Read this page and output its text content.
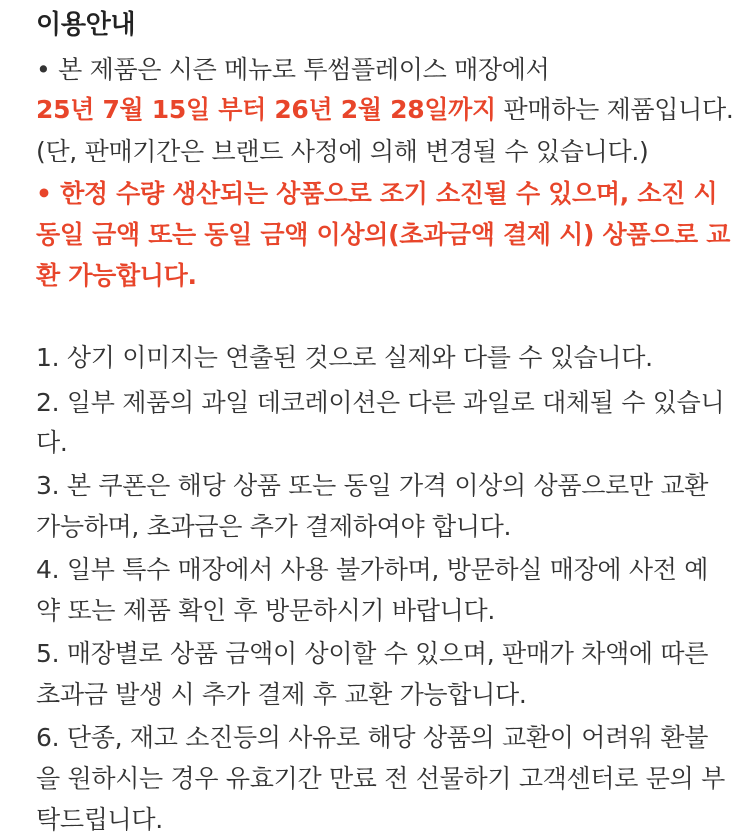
이용안내
• 본 제품은 시즌 메뉴로 투썸플레이스 매장에서
25년 7월 15일 부터 26년 2월 28일까지 판매하는 제품입니다.
(단, 판매기간은 브랜드 사정에 의해 변경될 수 있습니다.)
• 한정 수량 생산되는 상품으로 조기 소진될 수 있으며, 소진 시
동일 금액 또는 동일 금액 이상의(초과금액 결제 시) 상품으로 교
환 가능합니다.
1. 상기 이미지는 연출된 것으로 실제와 다를 수 있습니다.
2. 일부 제품의 과일 데코레이션은 다른 과일로 대체될 수 있습니
다.
3. 본 쿠폰은 해당 상품 또는 동일 가격 이상의 상품으로만 교환
가능하며, 초과금은 추가 결제하여야 합니다.
4. 일부 특수 매장에서 사용 불가하며, 방문하실 매장에 사전 예
약 또는 제품 확인 후 방문하시기 바랍니다.
5. 매장별로 상품 금액이 상이할 수 있으며, 판매가 차액에 따른
초과금 발생 시 추가 결제 후 교환 가능합니다.
6. 단종, 재고 소진등의 사유로 해당 상품의 교환이 어려워 환불
을 원하시는 경우 유효기간 만료 전 선물하기 고객센터로 문의 부
탁드립니다.
